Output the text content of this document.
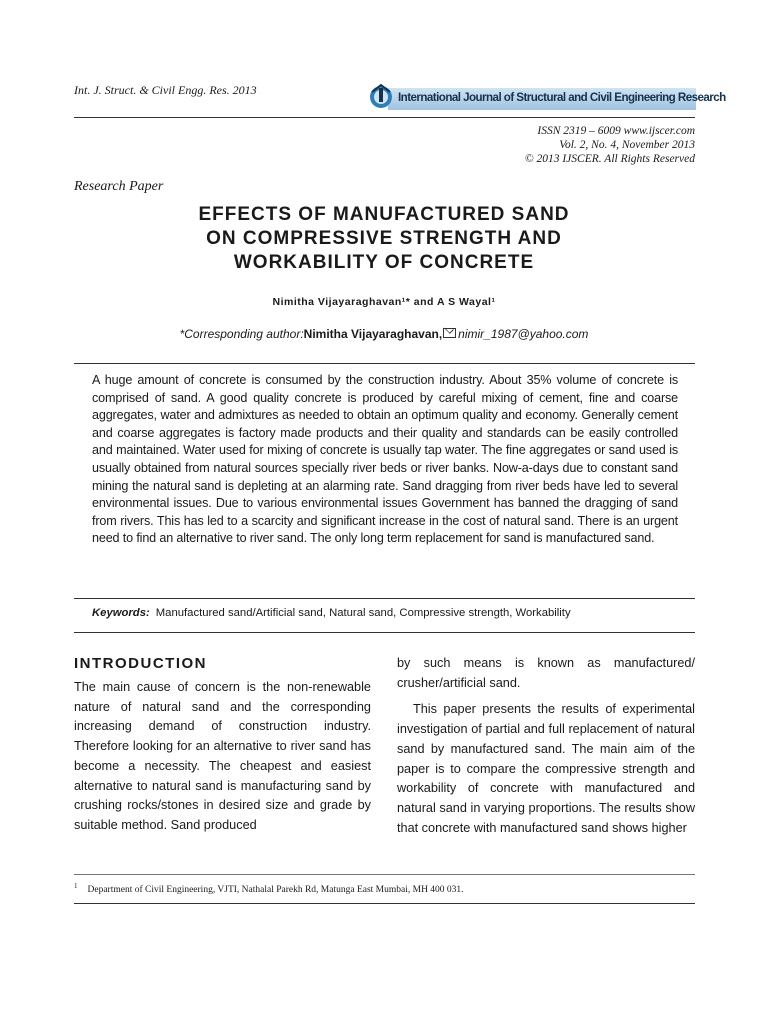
Int. J. Struct. & Civil Engg. Res. 2013
International Journal of Structural and Civil Engineering Research
ISSN 2319 – 6009 www.ijscer.com
Vol. 2, No. 4, November 2013
© 2013 IJSCER. All Rights Reserved
Research Paper
EFFECTS OF MANUFACTURED SAND
ON COMPRESSIVE STRENGTH AND
WORKABILITY OF CONCRETE
Nimitha Vijayaraghavan¹* and A S Wayal¹
*Corresponding author:Nimitha Vijayaraghavan, nimir_1987@yahoo.com
A huge amount of concrete is consumed by the construction industry. About 35% volume of concrete is comprised of sand. A good quality concrete is produced by careful mixing of cement, fine and coarse aggregates, water and admixtures as needed to obtain an optimum quality and economy. Generally cement and coarse aggregates is factory made products and their quality and standards can be easily controlled and maintained. Water used for mixing of concrete is usually tap water. The fine aggregates or sand used is usually obtained from natural sources specially river beds or river banks. Now-a-days due to constant sand mining the natural sand is depleting at an alarming rate. Sand dragging from river beds have led to several environmental issues. Due to various environmental issues Government has banned the dragging of sand from rivers. This has led to a scarcity and significant increase in the cost of natural sand. There is an urgent need to find an alternative to river sand. The only long term replacement for sand is manufactured sand.
Keywords: Manufactured sand/Artificial sand, Natural sand, Compressive strength, Workability
INTRODUCTION

The main cause of concern is the non-renewable nature of natural sand and the corresponding increasing demand of construction industry. Therefore looking for an alternative to river sand has become a necessity. The cheapest and easiest alternative to natural sand is manufacturing sand by crushing rocks/stones in desired size and grade by suitable method. Sand produced

by such means is known as manufactured/ crusher/artificial sand.

This paper presents the results of experimental investigation of partial and full replacement of natural sand by manufactured sand. The main aim of the paper is to compare the compressive strength and workability of concrete with manufactured and natural sand in varying proportions. The results show that concrete with manufactured sand shows higher

$^1$ Department of Civil Engineering, VJTI, Nathalal Parekh Rd, Matunga East Mumbai, MH 400 031.
